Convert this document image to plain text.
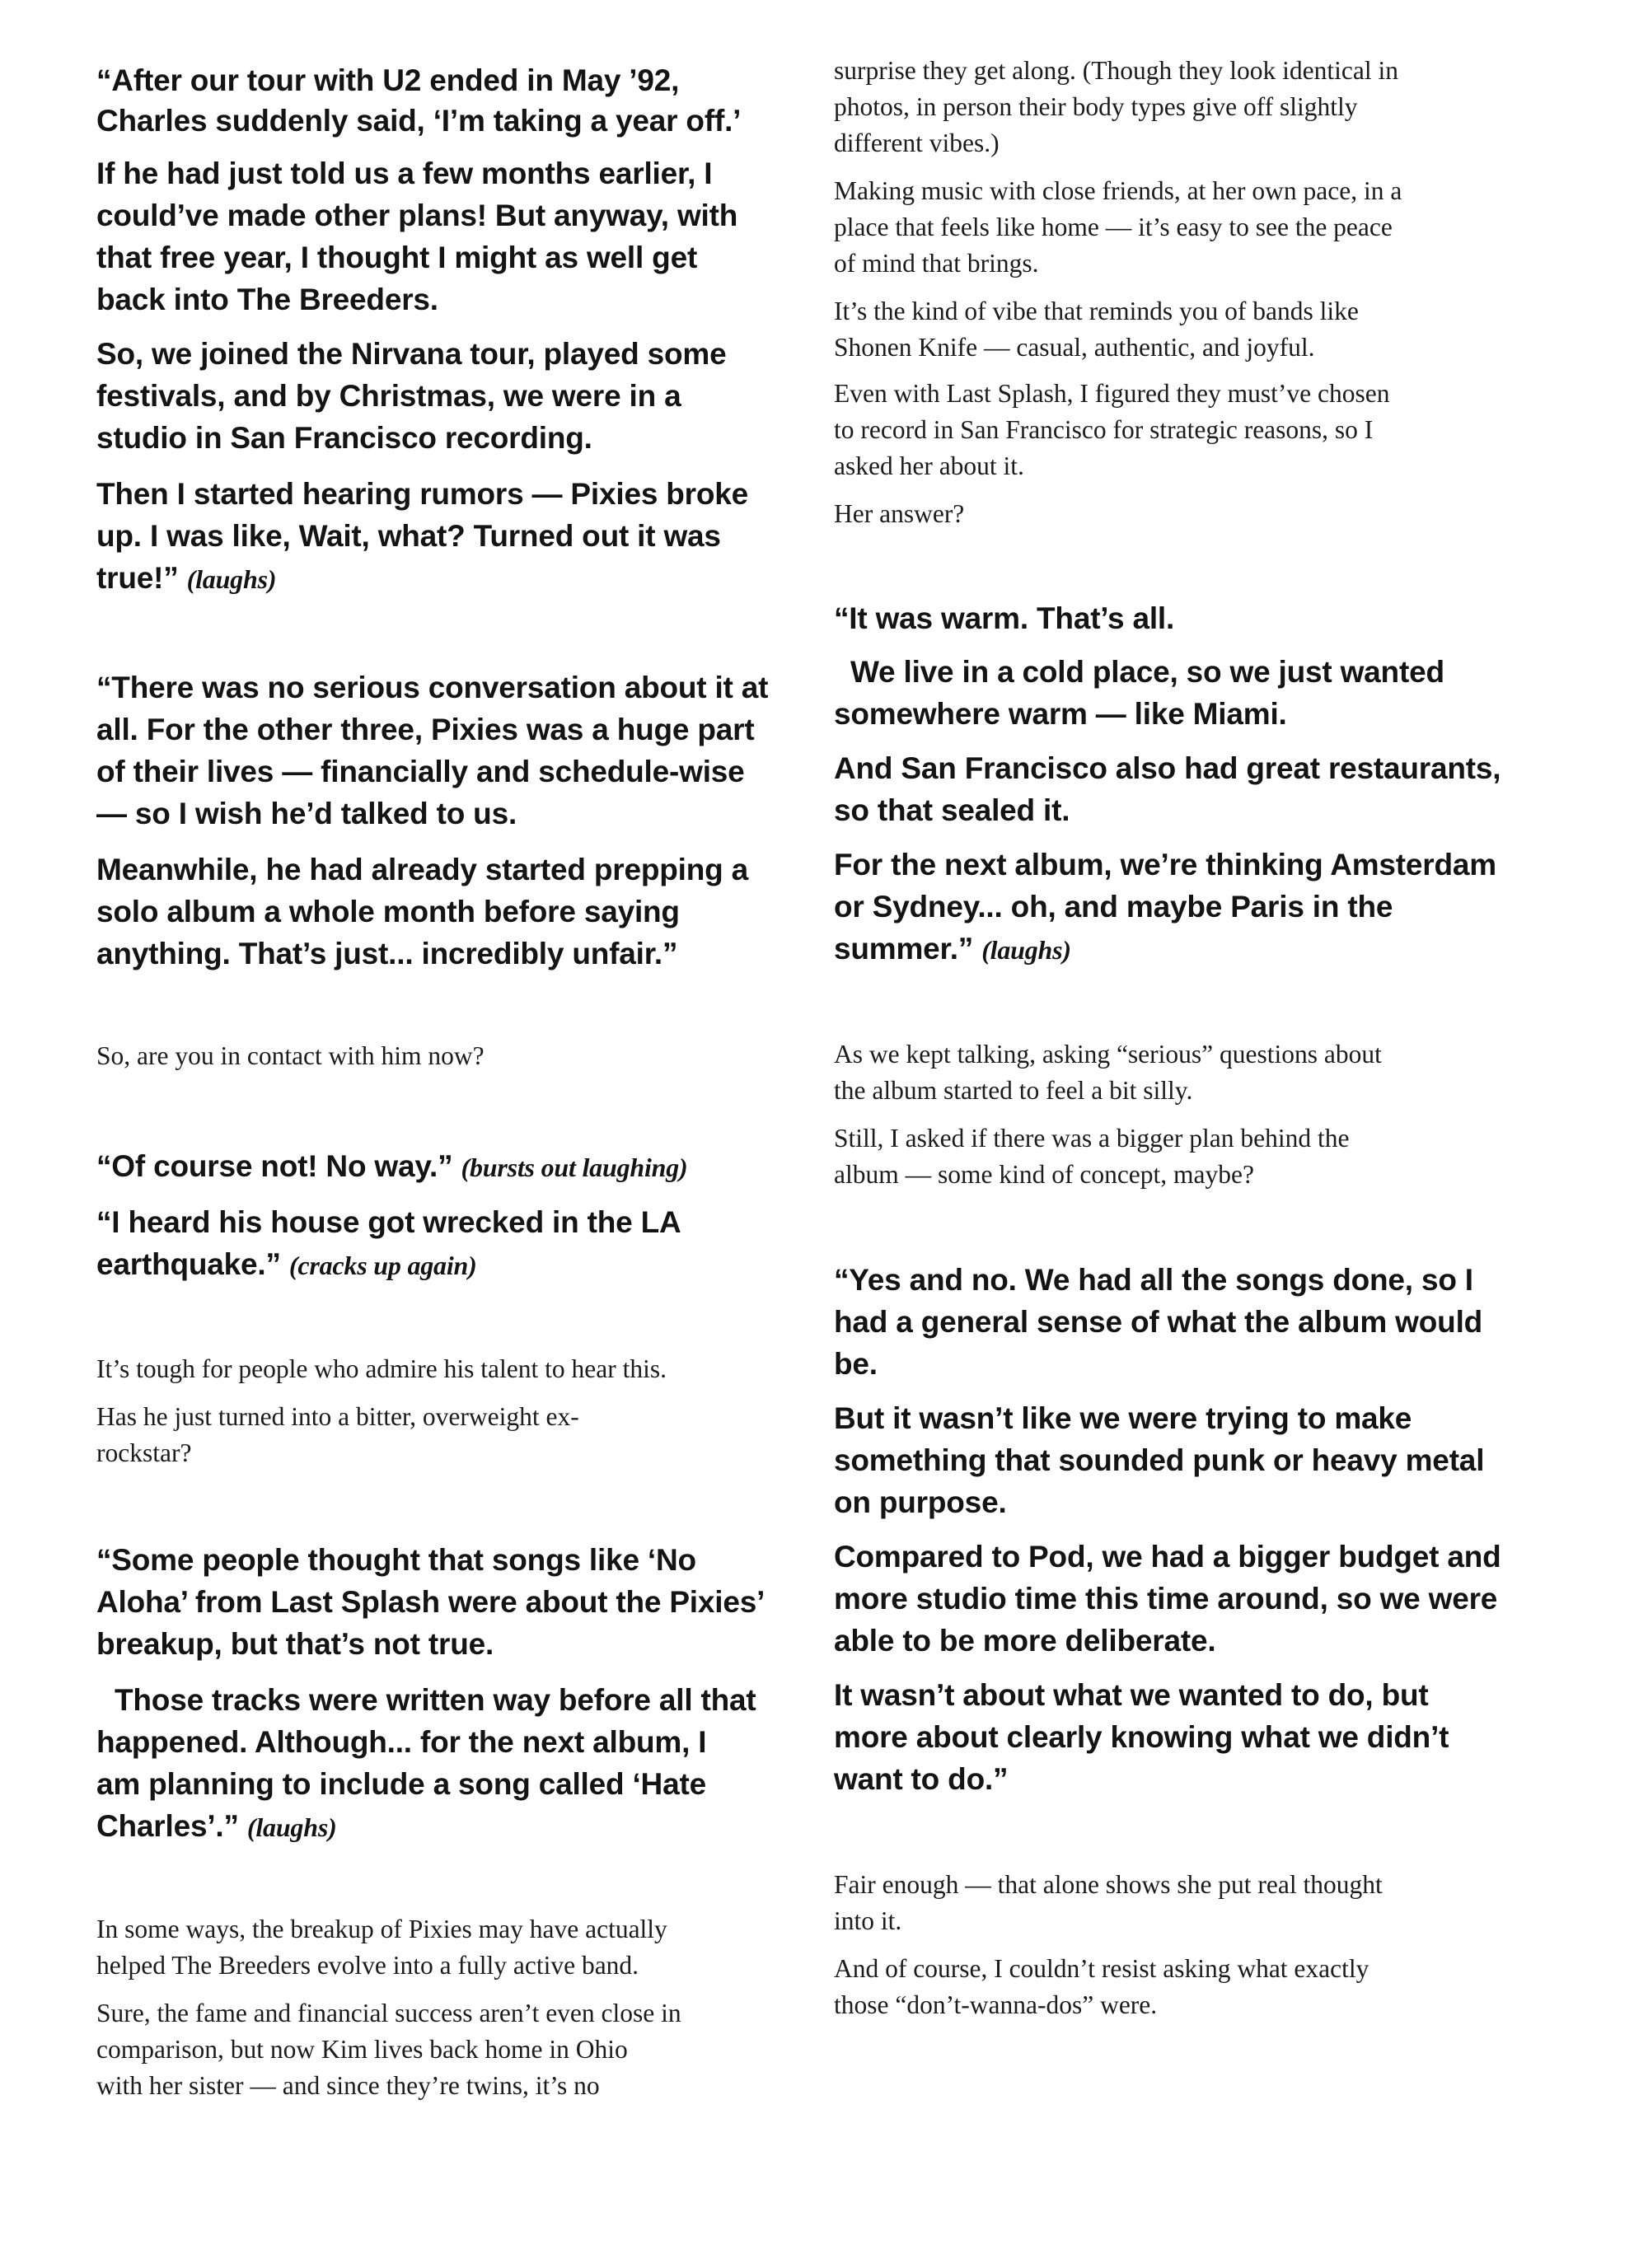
“After our tour with U2 ended in May ’92,

Charles suddenly said, ‘I’m taking a year off.’

If he had just told us a few months earlier, I

could’ve made other plans! But anyway, with

that free year, I thought I might as well get

back into The Breeders.

So, we joined the Nirvana tour, played some

festivals, and by Christmas, we were in a

studio in San Francisco recording.

Then I started hearing rumors — Pixies broke

up. I was like, Wait, what? Turned out it was

true!” (laughs)

“There was no serious conversation about it at

all. For the other three, Pixies was a huge part

of their lives — financially and schedule-wise

— so I wish he’d talked to us.

Meanwhile, he had already started prepping a

solo album a whole month before saying

anything. That’s just... incredibly unfair.”

So, are you in contact with him now?

“Of course not! No way.” (bursts out laughing)

“I heard his house got wrecked in the LA

earthquake.” (cracks up again)

It’s tough for people who admire his talent to hear this.

Has he just turned into a bitter, overweight ex-

rockstar?

“Some people thought that songs like ‘No

Aloha’ from Last Splash were about the Pixies’

breakup, but that’s not true.

Those tracks were written way before all that

happened. Although... for the next album, I

am planning to include a song called ‘Hate

Charles’.” (laughs)

In some ways, the breakup of Pixies may have actually

helped The Breeders evolve into a fully active band.

Sure, the fame and financial success aren’t even close in

comparison, but now Kim lives back home in Ohio

with her sister — and since they’re twins, it’s no

surprise they get along. (Though they look identical in

photos, in person their body types give off slightly

different vibes.)

Making music with close friends, at her own pace, in a

place that feels like home — it’s easy to see the peace

of mind that brings.

It’s the kind of vibe that reminds you of bands like

Shonen Knife — casual, authentic, and joyful.

Even with Last Splash, I figured they must’ve chosen

to record in San Francisco for strategic reasons, so I

asked her about it.

Her answer?

“It was warm. That’s all.

We live in a cold place, so we just wanted

somewhere warm — like Miami.

And San Francisco also had great restaurants,

so that sealed it.

For the next album, we’re thinking Amsterdam

or Sydney... oh, and maybe Paris in the

summer.” (laughs)

As we kept talking, asking “serious” questions about

the album started to feel a bit silly.

Still, I asked if there was a bigger plan behind the

album — some kind of concept, maybe?

“Yes and no. We had all the songs done, so I

had a general sense of what the album would

be.

But it wasn’t like we were trying to make

something that sounded punk or heavy metal

on purpose.

Compared to Pod, we had a bigger budget and

more studio time this time around, so we were

able to be more deliberate.

It wasn’t about what we wanted to do, but

more about clearly knowing what we didn’t

want to do.”

Fair enough — that alone shows she put real thought

into it.

And of course, I couldn’t resist asking what exactly

those “don’t-wanna-dos” were.
